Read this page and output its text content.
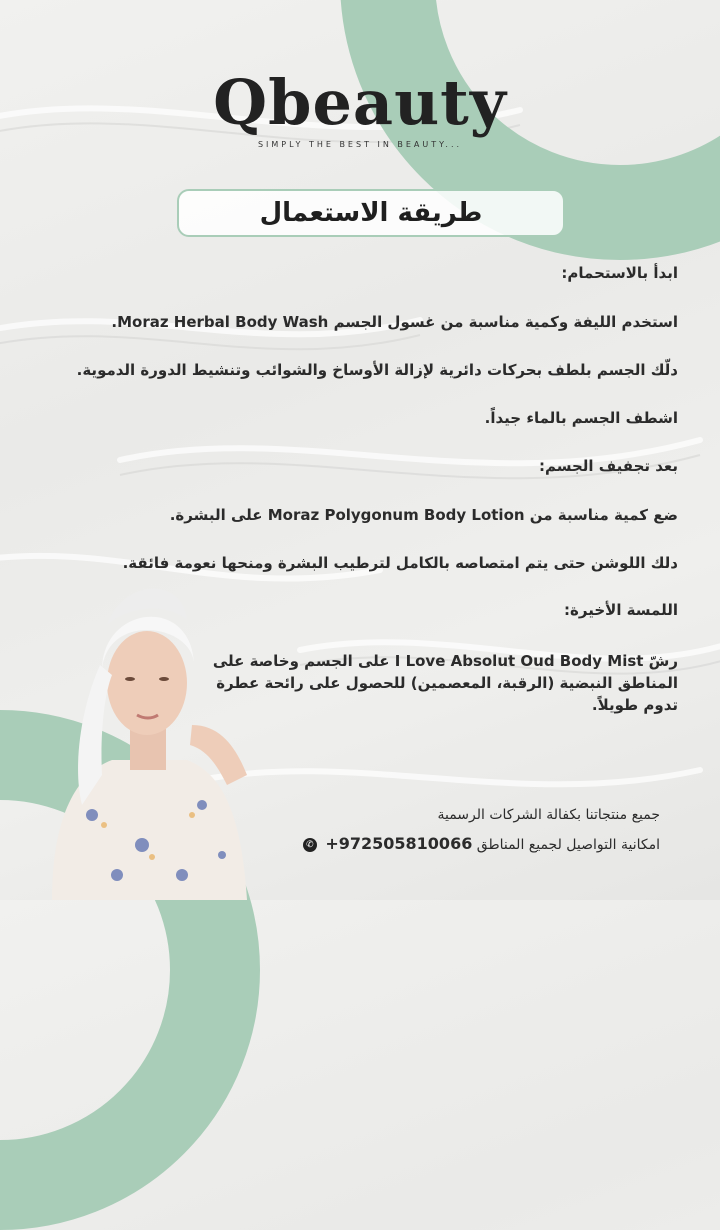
Qbeauty
SIMPLY THE BEST IN BEAUTY...
طريقة الاستعمال
ابدأ بالاستحمام:
استخدم الليفة وكمية مناسبة من غسول الجسم Moraz Herbal Body Wash.
دلّك الجسم بلطف بحركات دائرية لإزالة الأوساخ والشوائب وتنشيط الدورة الدموية.
اشطف الجسم بالماء جيداً.
بعد تجفيف الجسم:
ضع كمية مناسبة من Moraz Polygonum Body Lotion على البشرة.
دلك اللوشن حتى يتم امتصاصه بالكامل لترطيب البشرة ومنحها نعومة فائقة.
اللمسة الأخيرة:
رشّ I Love Absolut Oud Body Mist على الجسم وخاصة على المناطق النبضية (الرقبة، المعصمين) للحصول على رائحة عطرة تدوم طويلاً.
جميع منتجاتنا بكفالة الشركات الرسمية
امكانية التواصيل لجميع المناطق +972505810066 ✆
